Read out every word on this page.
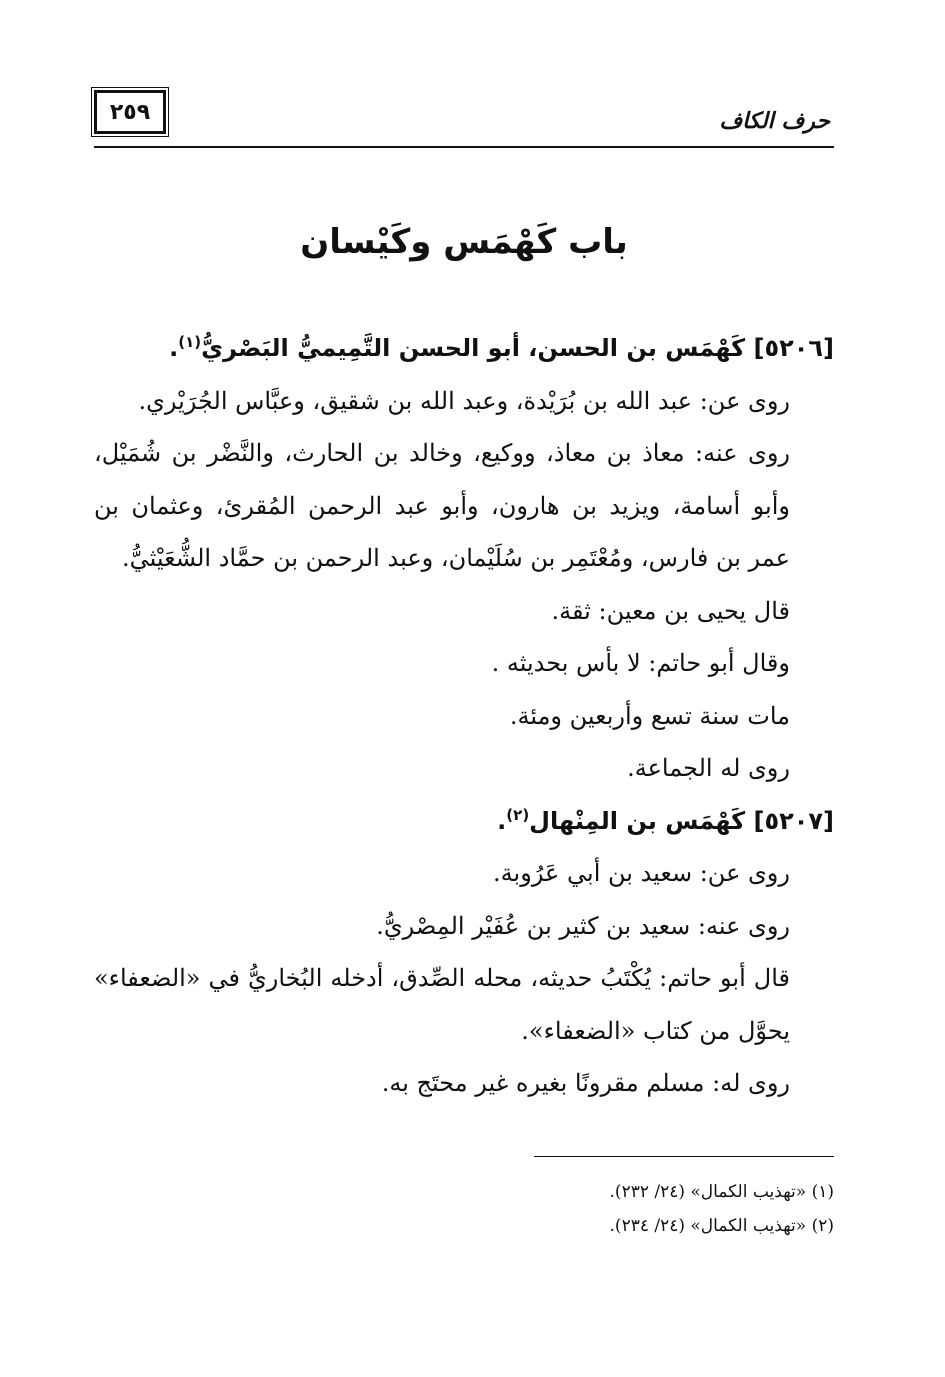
٢٥٩	حرف الكاف
باب كَهْمَس وكَيْسان

[٥٢٠٦] كَهْمَس بن الحسن، أبو الحسن التَّمِيميُّ البَصْريُّ$^{(١)}$.

روى عن: عبد الله بن بُرَيْدة، وعبد الله بن شقيق، وعبَّاس الجُرَيْري.

روى عنه: معاذ بن معاذ، ووكيع، وخالد بن الحارث، والنَّضْر بن شُمَيْل، وأبو أسامة، ويزيد بن هارون، وأبو عبد الرحمن المُقرئ، وعثمان بن عمر بن فارس، ومُعْتَمِر بن سُلَيْمان، وعبد الرحمن بن حمَّاد الشُّعَيْثيُّ.

قال يحيى بن معين: ثقة.

وقال أبو حاتم: لا بأس بحديثه .

مات سنة تسع وأربعين ومئة.

روى له الجماعة.

[٥٢٠٧] كَهْمَس بن المِنْهال$^{(٢)}$.

روى عن: سعيد بن أبي عَرُوبة.

روى عنه: سعيد بن كثير بن عُفَيْر المِصْريُّ.

قال أبو حاتم: يُكْتَبُ حديثه، محله الصِّدق، أدخله البُخاريُّ في «الضعفاء» يحوَّل من كتاب «الضعفاء».

روى له: مسلم مقرونًا بغيره غير محتَج به.

(١) «تهذيب الكمال» (٢٤/ ٢٣٢).

(٢) «تهذيب الكمال» (٢٤/ ٢٣٤).
